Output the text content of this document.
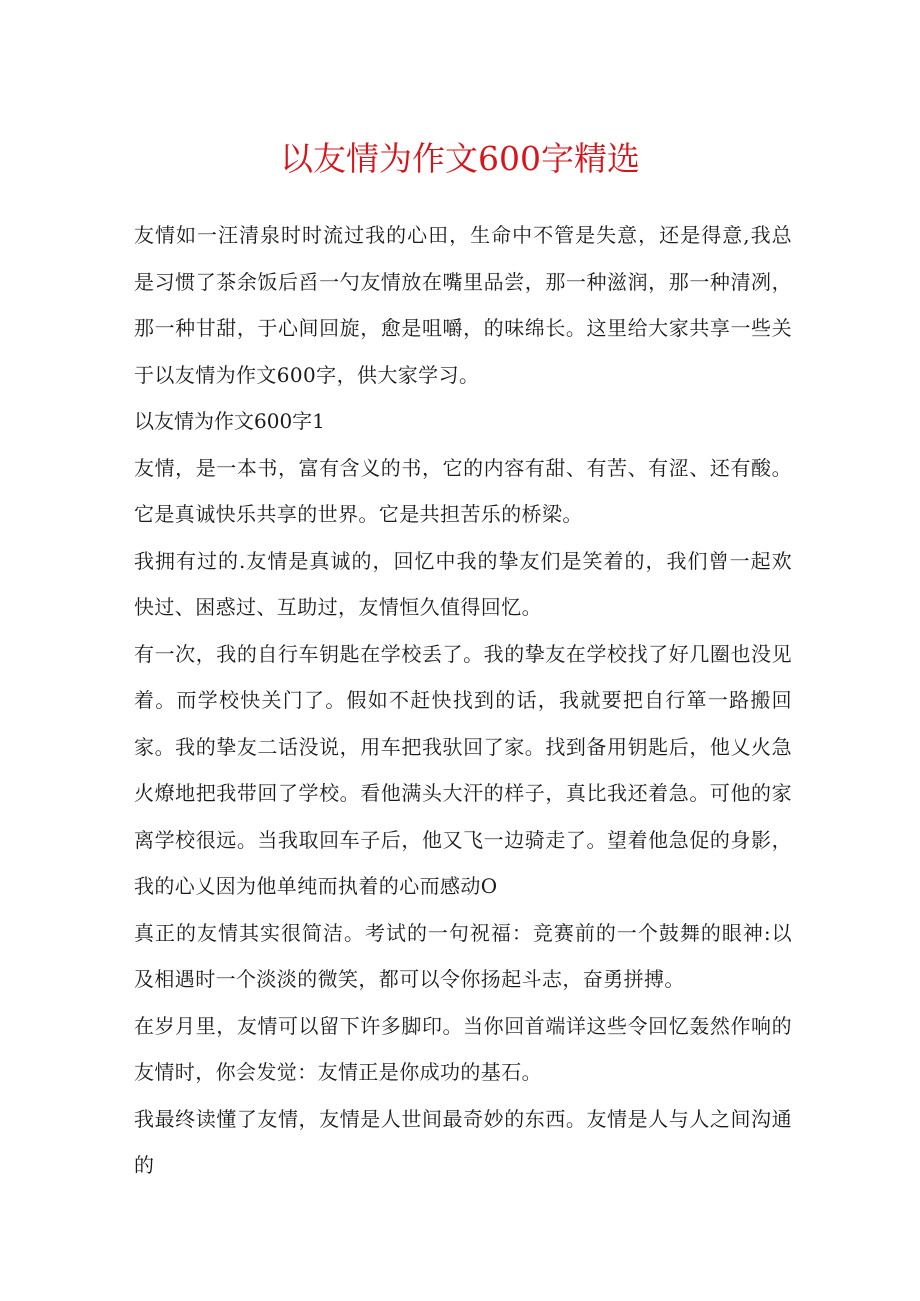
以友情为作文600字精选

友情如一汪清泉时时流过我的心田，生命中不管是失意，还是得意,我总是习惯了茶余饭后舀一勺友情放在嘴里品尝，那一种滋润，那一种清冽，那一种甘甜，于心间回旋，愈是咀嚼，的味绵长。这里给大家共享一些关于以友情为作文600字，供大家学习。

以友情为作文600字1

友情，是一本书，富有含义的书，它的内容有甜、有苦、有涩、还有酸。它是真诚快乐共享的世界。它是共担苦乐的桥梁。

我拥有过的.友情是真诚的，回忆中我的挚友们是笑着的，我们曾一起欢快过、困惑过、互助过，友情恒久值得回忆。

有一次，我的自行车钥匙在学校丢了。我的挚友在学校找了好几圈也没见着。而学校快关门了。假如不赶快找到的话，我就要把自行箪一路搬回家。我的挚友二话没说，用车把我驮回了家。找到备用钥匙后，他乂火急火燎地把我带回了学校。看他满头大汗的样子，真比我还着急。可他的家离学校很远。当我取回车子后，他又飞一边骑走了。望着他急促的身影，我的心乂因为他单纯而执着的心而感动O

真正的友情其实很简洁。考试的一句祝福：竞赛前的一个鼓舞的眼神:以及相遇时一个淡淡的微笑，都可以令你扬起斗志，奋勇拼搏。

在岁月里，友情可以留下许多脚印。当你回首端详这些令回忆轰然作响的友情时，你会发觉：友情正是你成功的基石。

我最终读懂了友情，友情是人世间最奇妙的东西。友情是人与人之间沟通的
